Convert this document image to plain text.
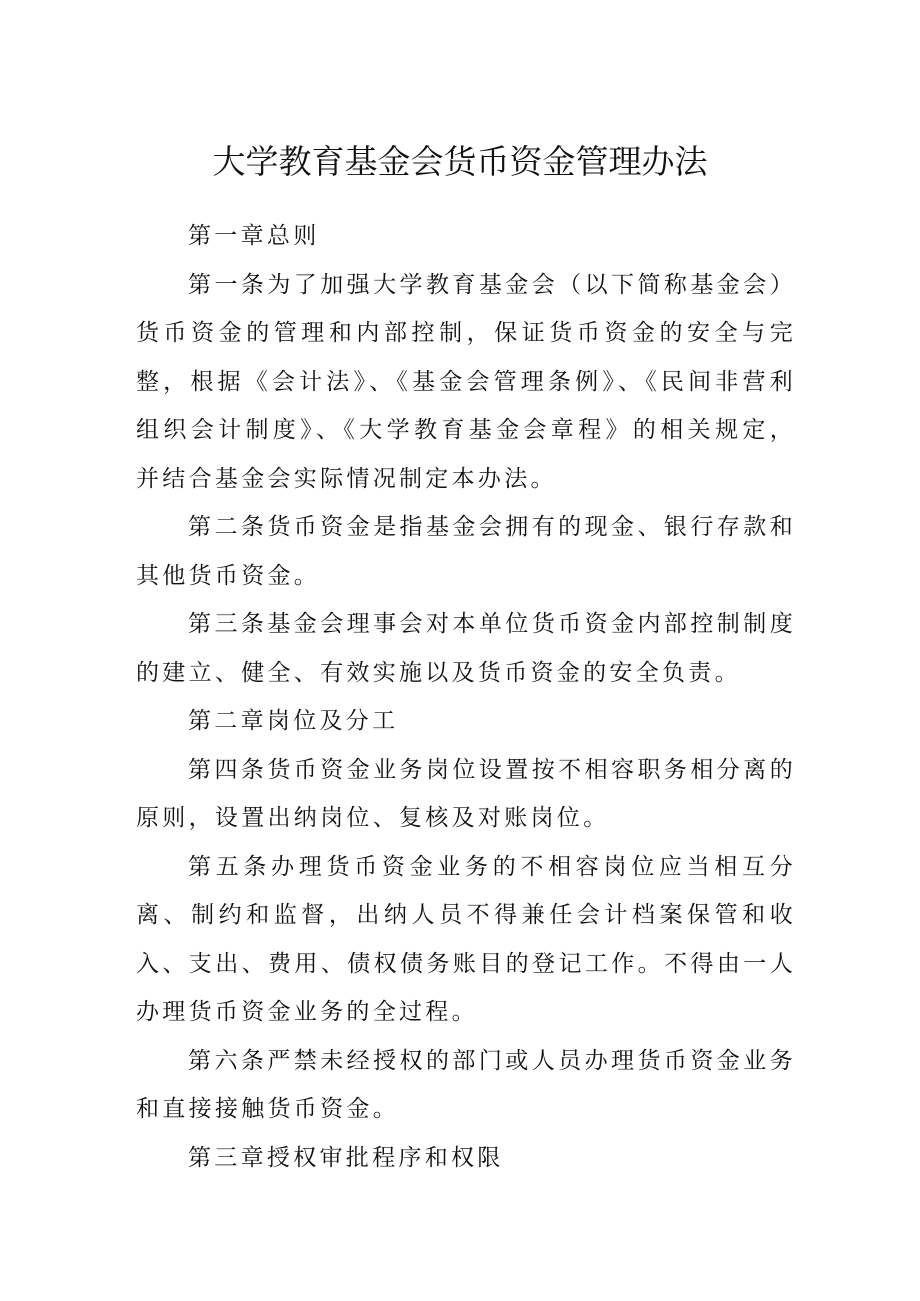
大学教育基金会货币资金管理办法

第一章总则

第一条为了加强大学教育基金会（以下简称基金会）货币资金的管理和内部控制，保证货币资金的安全与完整，根据《会计法》、《基金会管理条例》、《民间非营利组织会计制度》、《大学教育基金会章程》的相关规定，并结合基金会实际情况制定本办法。

第二条货币资金是指基金会拥有的现金、银行存款和其他货币资金。

第三条基金会理事会对本单位货币资金内部控制制度的建立、健全、有效实施以及货币资金的安全负责。

第二章岗位及分工

第四条货币资金业务岗位设置按不相容职务相分离的原则，设置出纳岗位、复核及对账岗位。

第五条办理货币资金业务的不相容岗位应当相互分离、制约和监督，出纳人员不得兼任会计档案保管和收入、支出、费用、债权债务账目的登记工作。不得由一人办理货币资金业务的全过程。

第六条严禁未经授权的部门或人员办理货币资金业务和直接接触货币资金。

第三章授权审批程序和权限
